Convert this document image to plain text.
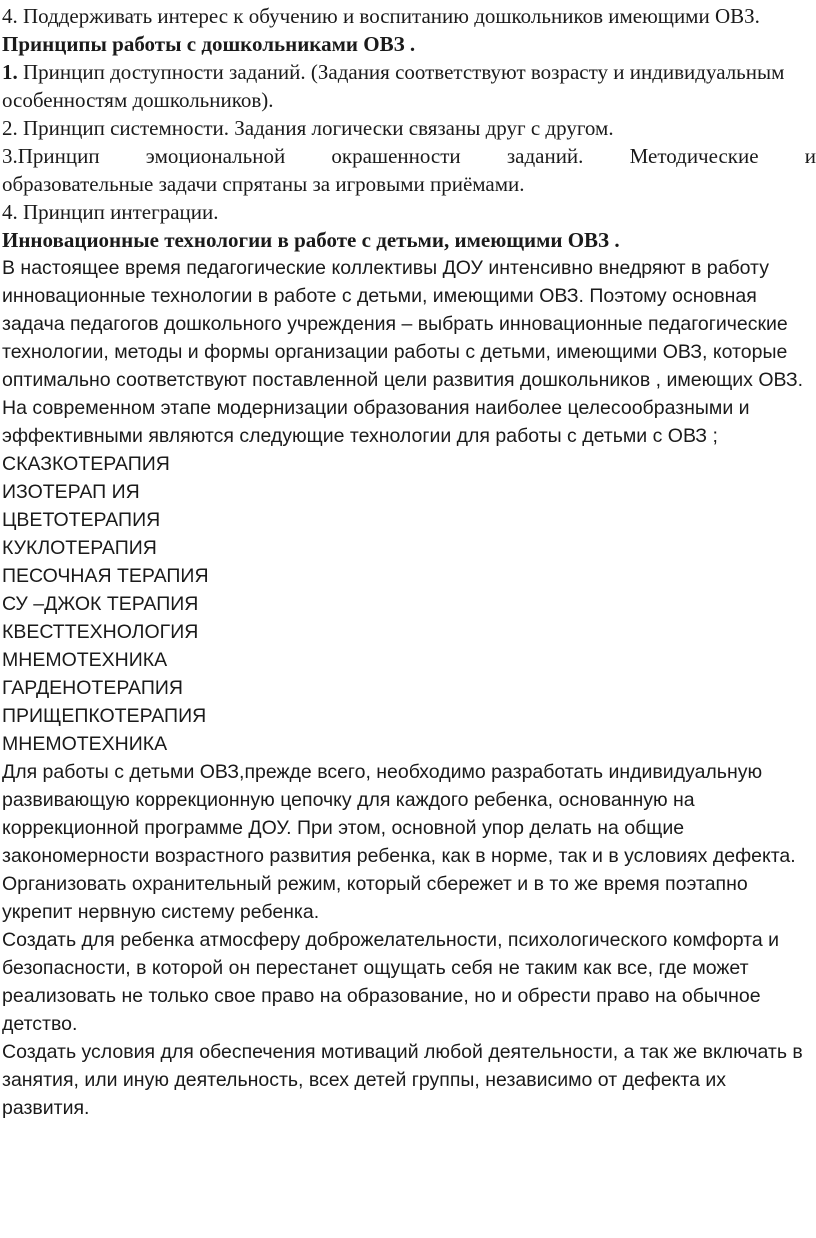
4. Поддерживать интерес к обучению и воспитанию дошкольников имеющими ОВЗ.

Принципы работы с дошкольниками ОВЗ .

1. Принцип доступности заданий. (Задания соответствуют возрасту и индивидуальным особенностям дошкольников).

2. Принцип системности. Задания логически связаны друг с другом.

3.Принцип эмоциональной окрашенности заданий. Методические и

образовательные задачи спрятаны за игровыми приёмами.

4. Принцип интеграции.

Инновационные технологии в работе с детьми, имеющими ОВЗ .

В настоящее время педагогические коллективы ДОУ интенсивно внедряют в работу инновационные технологии в работе с детьми, имеющими ОВЗ. Поэтому основная задача педагогов дошкольного учреждения – выбрать инновационные педагогические технологии, методы и формы организации работы с детьми, имеющими ОВЗ, которые оптимально соответствуют поставленной цели развития дошкольников , имеющих ОВЗ.

На современном этапе модернизации образования наиболее целесообразными и эффективными являются следующие технологии для работы с детьми с ОВЗ ;

СКАЗКОТЕРАПИЯ

ИЗОТЕРАП ИЯ

ЦВЕТОТЕРАПИЯ

КУКЛОТЕРАПИЯ

ПЕСОЧНАЯ ТЕРАПИЯ

СУ –ДЖОК ТЕРАПИЯ

КВЕСТТЕХНОЛОГИЯ

МНЕМОТЕХНИКА

ГАРДЕНОТЕРАПИЯ

ПРИЩЕПКОТЕРАПИЯ

МНЕМОТЕХНИКА

Для работы с детьми ОВЗ,прежде всего, необходимо разработать индивидуальную развивающую коррекционную цепочку для каждого ребенка, основанную на коррекционной программе ДОУ. При этом, основной упор делать на общие закономерности возрастного развития ребенка, как в норме, так и в условиях дефекта.

Организовать охранительный режим, который сбережет и в то же время поэтапно укрепит нервную систему ребенка.

Создать для ребенка атмосферу доброжелательности, психологического комфорта и безопасности, в которой он перестанет ощущать себя не таким как все, где может реализовать не только свое право на образование, но и обрести право на обычное детство.

Создать условия для обеспечения мотиваций любой деятельности, а так же включать в занятия, или иную деятельность, всех детей группы, независимо от дефекта их развития.
